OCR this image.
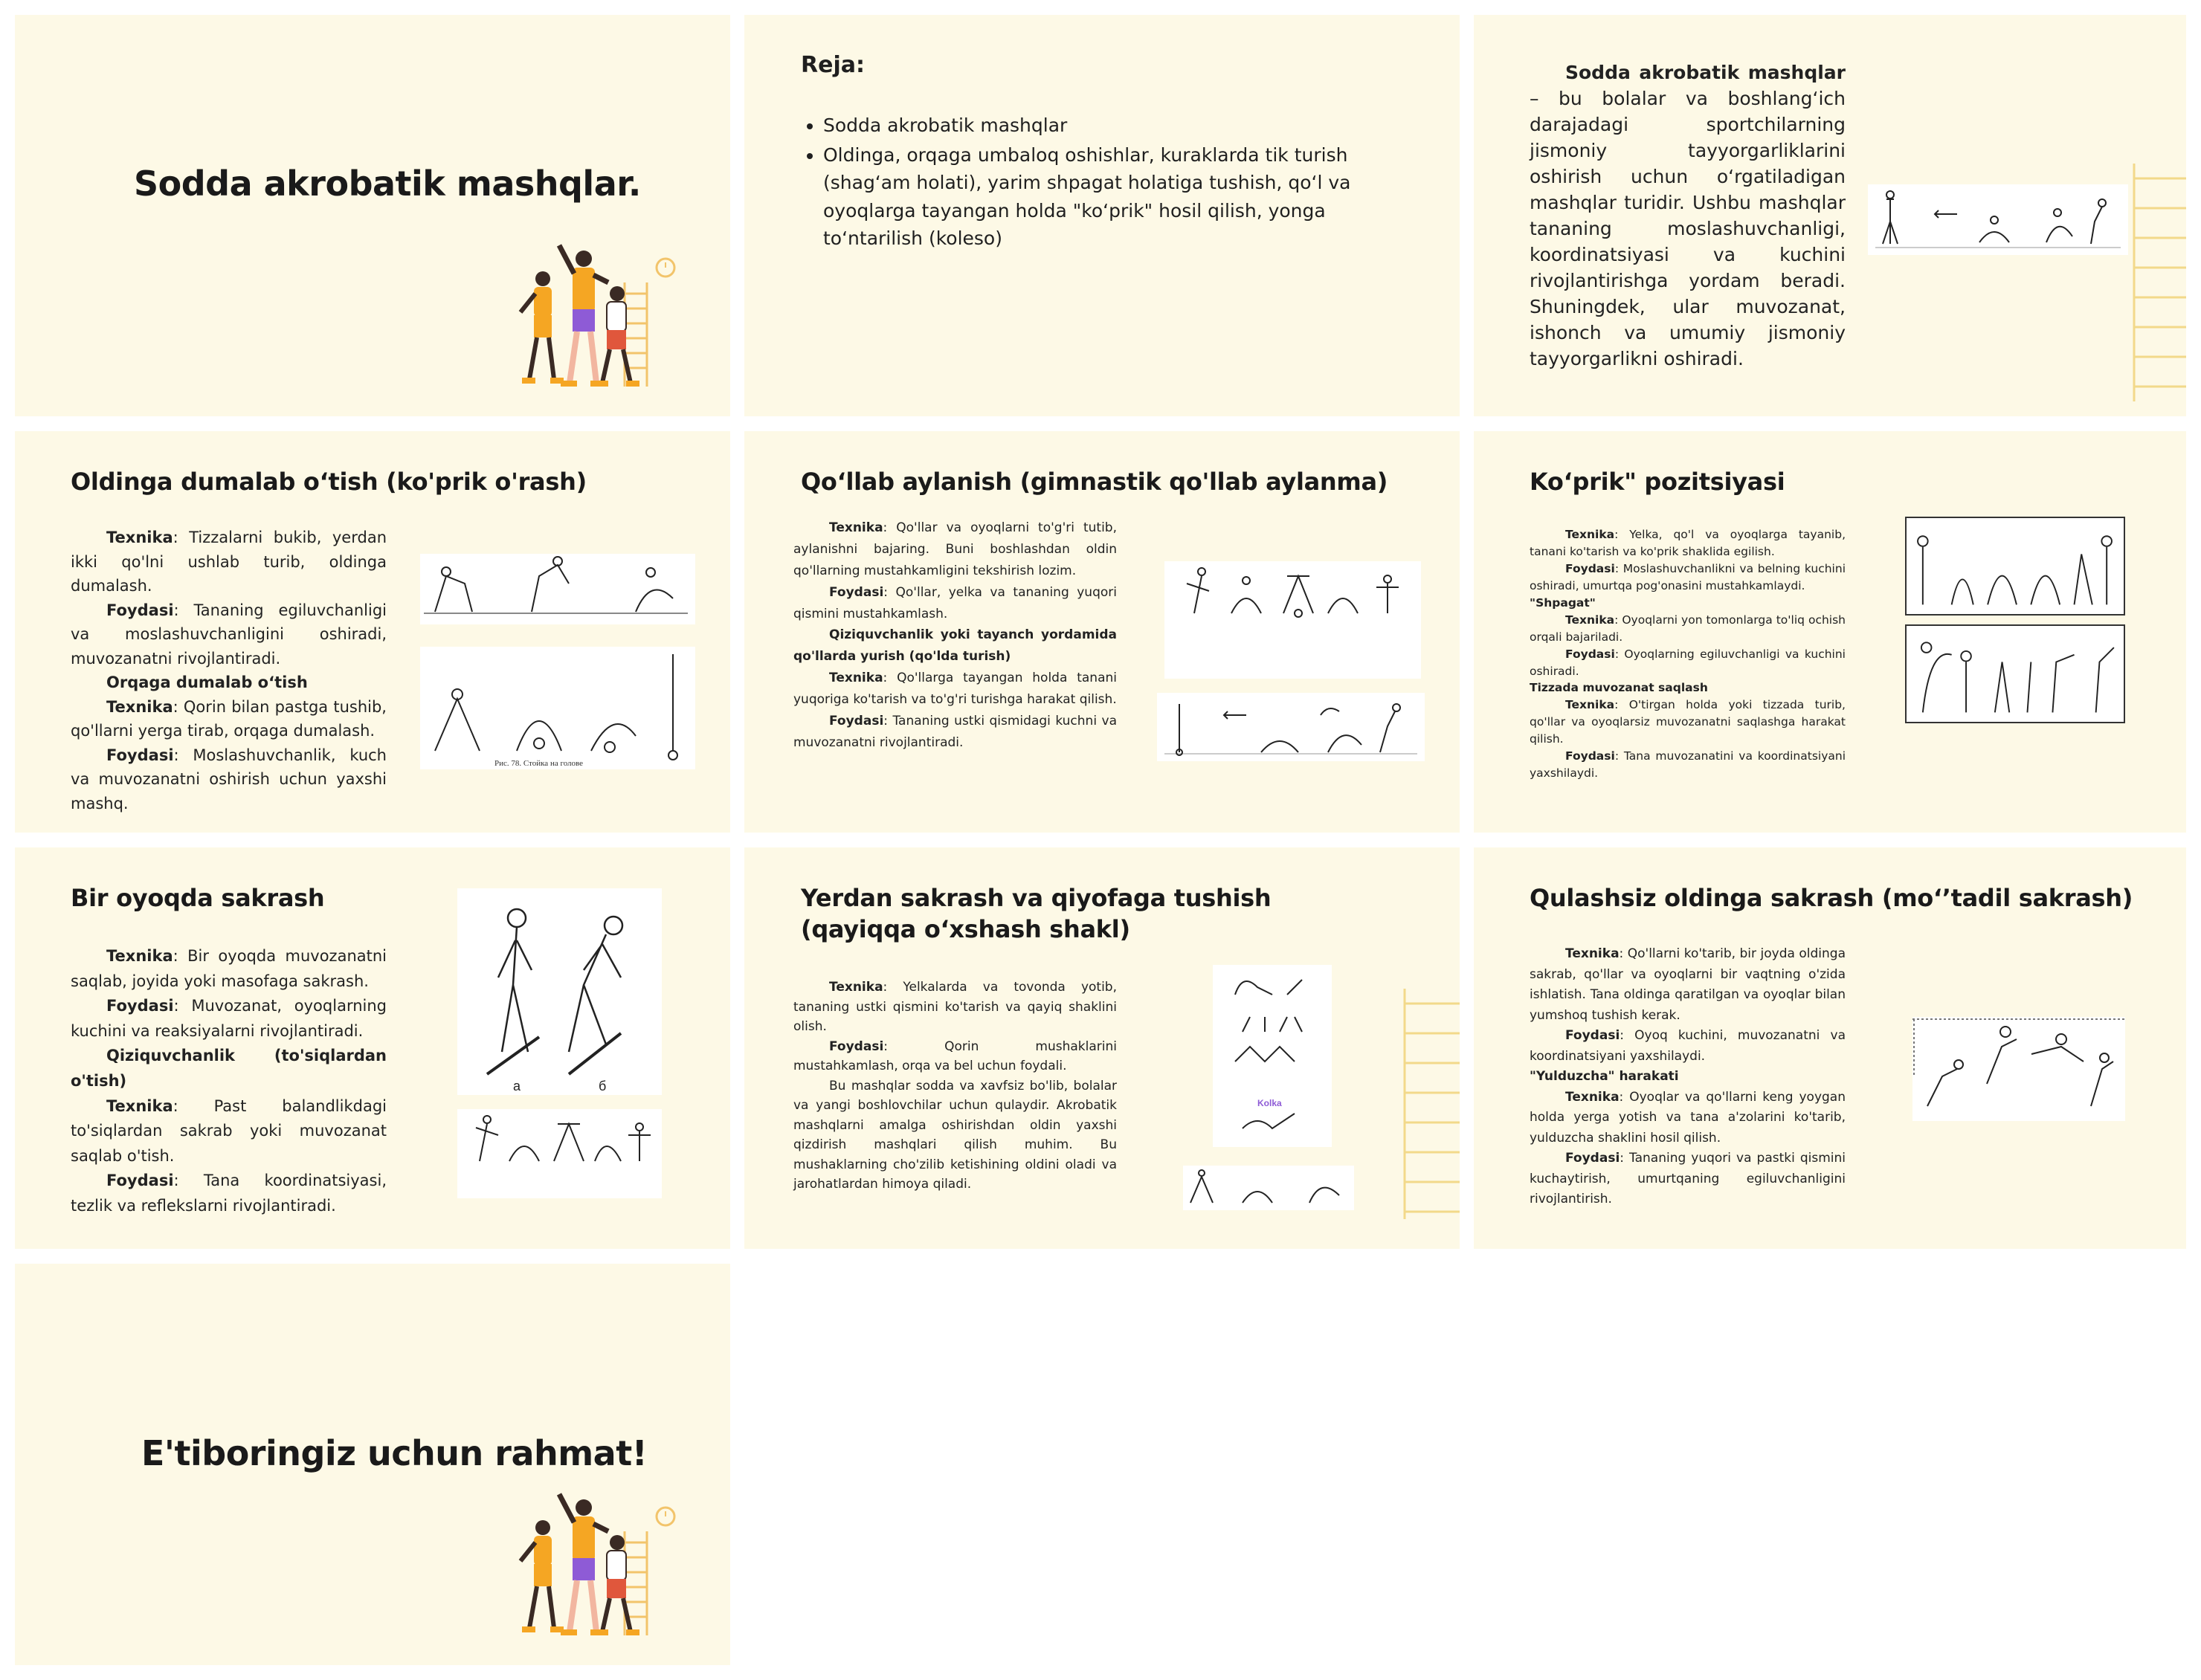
Sodda akrobatik mashqlar.
Reja:
• Sodda akrobatik mashqlar
• Oldinga, orqaga umbaloq oshishlar, kuraklarda tik turish (shag‘am holati), yarim shpagat holatiga tushish, qo‘l va oyoqlarga tayangan holda "ko‘prik" hosil qilish, yonga to‘ntarilish (koleso)

Sodda akrobatik mashqlar – bu bolalar va boshlang‘ich darajadagi sportchilarning jismoniy tayyorgarliklarini oshirish uchun o‘rgatiladigan mashqlar turidir. Ushbu mashqlar tananing moslashuvchanligi, koordinatsiyasi va kuchini rivojlantirishga yordam beradi. Shuningdek, ular muvozanat, ishonch va umumiy jismoniy tayyorgarlikni oshiradi.

Oldinga dumalab o‘tish (ko'prik o'rash)

Texnika: Tizzalarni bukib, yerdan ikki qo'lni ushlab turib, oldinga dumalash.

Foydasi: Tananing egiluvchanligi va moslashuvchanligini oshiradi, muvozanatni rivojlantiradi.

Orqaga dumalab o‘tish

Texnika: Qorin bilan pastga tushib, qo'llarni yerga tirab, orqaga dumalash.

Foydasi: Moslashuvchanlik, kuch va muvozanatni oshirish uchun yaxshi mashq.

Рис. 78. Стойка на голове
Qo‘llab aylanish (gimnastik qo'llab aylanma)

Texnika: Qo'llar va oyoqlarni to'g'ri tutib, aylanishni bajaring. Buni boshlashdan oldin qo'llarning mustahkamligini tekshirish lozim.

Foydasi: Qo'llar, yelka va tananing yuqori qismini mustahkamlash.

Qiziquvchanlik yoki tayanch yordamida qo'llarda yurish (qo'lda turish)

Texnika: Qo'llarga tayangan holda tanani yuqoriga ko'tarish va to'g'ri turishga harakat qilish.

Foydasi: Tananing ustki qismidagi kuchni va muvozanatni rivojlantiradi.

Ko‘prik" pozitsiyasi

Texnika: Yelka, qo'l va oyoqlarga tayanib, tanani ko'tarish va ko'prik shaklida egilish.

Foydasi: Moslashuvchanlikni va belning kuchini oshiradi, umurtqa pog'onasini mustahkamlaydi.

"Shpagat"

Texnika: Oyoqlarni yon tomonlarga to'liq ochish orqali bajariladi.

Foydasi: Oyoqlarning egiluvchanligi va kuchini oshiradi.

Tizzada muvozanat saqlash

Texnika: O'tirgan holda yoki tizzada turib, qo'llar va oyoqlarsiz muvozanatni saqlashga harakat qilish.

Foydasi: Tana muvozanatini va koordinatsiyani yaxshilaydi.

Bir oyoqda sakrash

Texnika: Bir oyoqda muvozanatni saqlab, joyida yoki masofaga sakrash.

Foydasi: Muvozanat, oyoqlarning kuchini va reaksiyalarni rivojlantiradi.

Qiziquvchanlik (to'siqlardan o'tish)

Texnika: Past balandlikdagi to'siqlardan sakrab yoki muvozanat saqlab o'tish.

Foydasi: Tana koordinatsiyasi, tezlik va reflekslarni rivojlantiradi.

а	б
Yerdan sakrash va qiyofaga tushish (qayiqqa o‘xshash shakl)

Texnika: Yelkalarda va tovonda yotib, tananing ustki qismini ko'tarish va qayiq shaklini olish.

Foydasi: Qorin mushaklarini mustahkamlash, orqa va bel uchun foydali.

Bu mashqlar sodda va xavfsiz bo'lib, bolalar va yangi boshlovchilar uchun qulaydir. Akrobatik mashqlarni amalga oshirishdan oldin yaxshi qizdirish mashqlari qilish muhim. Bu mushaklarning cho'zilib ketishining oldini oladi va jarohatlardan himoya qiladi.

Kolka
Qulashsiz oldinga sakrash (mo‘’tadil sakrash)

Texnika: Qo'llarni ko'tarib, bir joyda oldinga sakrab, qo'llar va oyoqlarni bir vaqtning o'zida ishlatish. Tana oldinga qaratilgan va oyoqlar bilan yumshoq tushish kerak.

Foydasi: Oyoq kuchini, muvozanatni va koordinatsiyani yaxshilaydi.

"Yulduzcha" harakati

Texnika: Oyoqlar va qo'llarni keng yoygan holda yerga yotish va tana a'zolarini ko'tarib, yulduzcha shaklini hosil qilish.

Foydasi: Tananing yuqori va pastki qismini kuchaytirish, umurtqaning egiluvchanligini rivojlantirish.

E'tiboringiz uchun rahmat!
